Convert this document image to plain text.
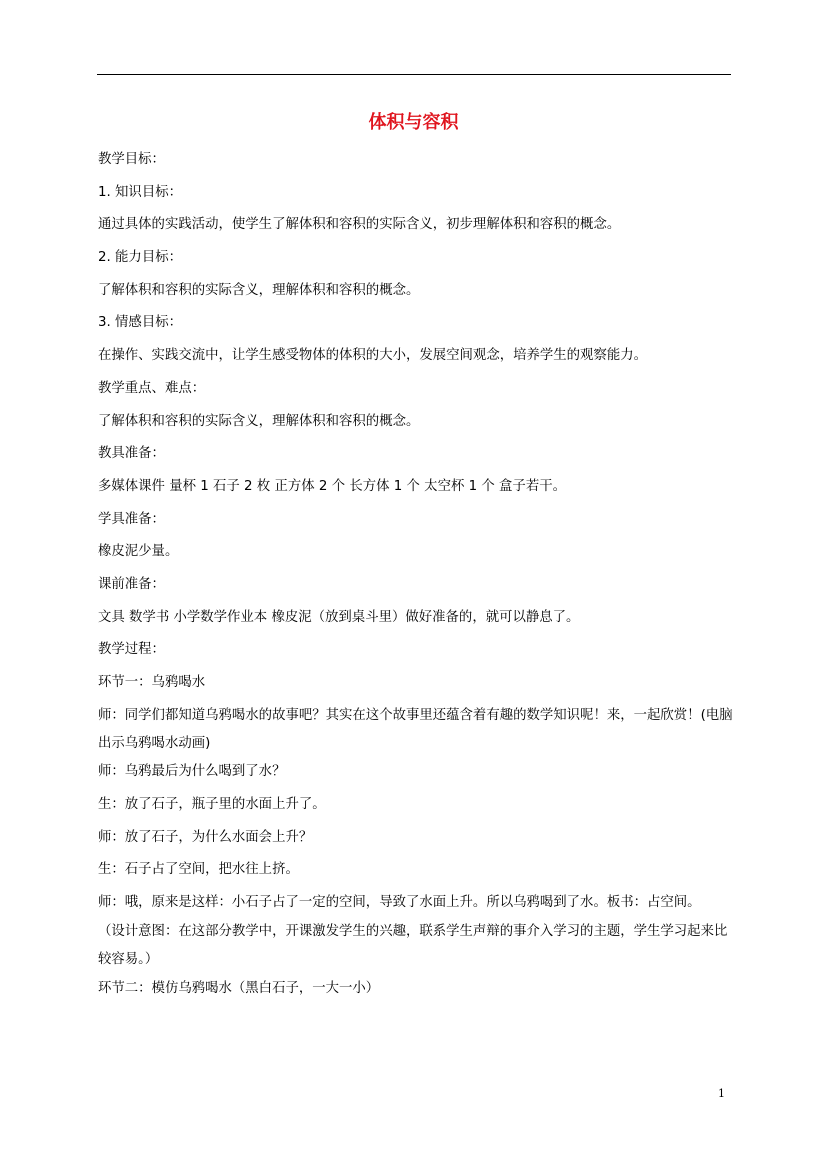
体积与容积

教学目标：

1. 知识目标：

通过具体的实践活动，使学生了解体积和容积的实际含义，初步理解体积和容积的概念。

2. 能力目标：

了解体积和容积的实际含义，理解体积和容积的概念。

3. 情感目标：

在操作、实践交流中，让学生感受物体的体积的大小，发展空间观念，培养学生的观察能力。

教学重点、难点：

了解体积和容积的实际含义，理解体积和容积的概念。

教具准备：

多媒体课件 量杯 1 石子 2 枚 正方体 2 个 长方体 1 个 太空杯 1 个 盒子若干。

学具准备：

橡皮泥少量。

课前准备：

文具 数学书 小学数学作业本 橡皮泥（放到桌斗里）做好准备的，就可以静息了。

教学过程：

环节一：乌鸦喝水

师：同学们都知道乌鸦喝水的故事吧？其实在这个故事里还蕴含着有趣的数学知识呢！来，一起欣赏！(电脑出示乌鸦喝水动画)

师：乌鸦最后为什么喝到了水？

生：放了石子，瓶子里的水面上升了。

师：放了石子，为什么水面会上升？

生：石子占了空间，把水往上挤。

师：哦，原来是这样：小石子占了一定的空间，导致了水面上升。所以乌鸦喝到了水。板书：占空间。

（设计意图：在这部分教学中，开课激发学生的兴趣，联系学生声辩的事介入学习的主题，学生学习起来比较容易。）

环节二：模仿乌鸦喝水（黑白石子，一大一小）

1
